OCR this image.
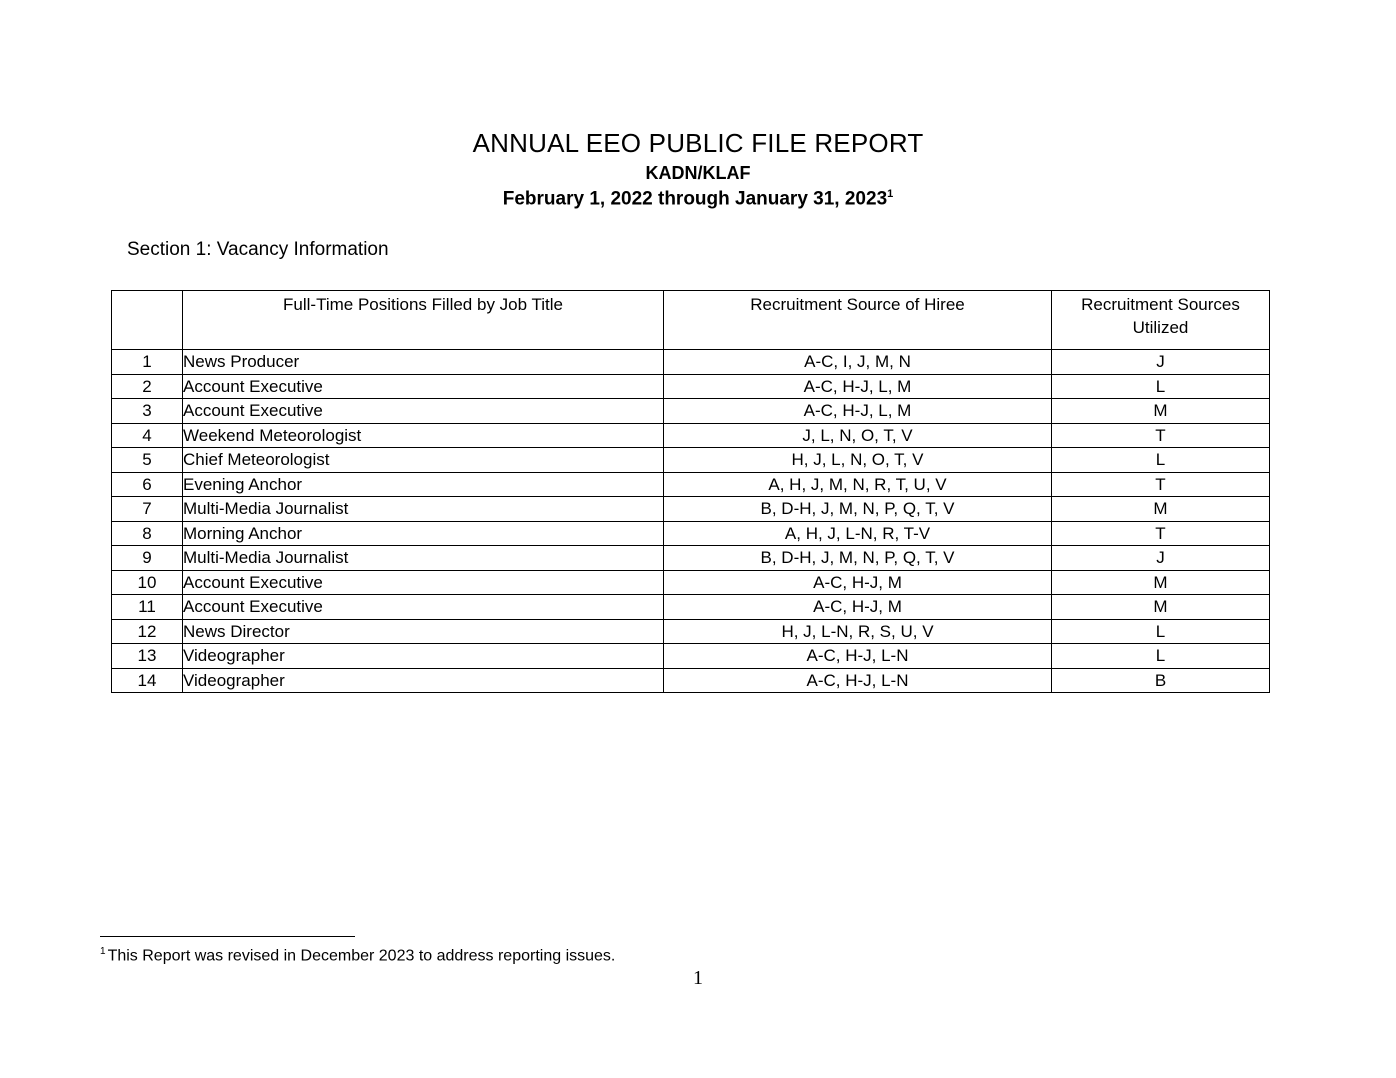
ANNUAL EEO PUBLIC FILE REPORT
KADN/KLAF
February 1, 2022 through January 31, 2023$^1$
Section 1: Vacancy Information
	Full-Time Positions Filled by Job Title	Recruitment Source of Hiree	Recruitment Sources Utilized
1	News Producer	A-C, I, J, M, N	J
2	Account Executive	A-C, H-J, L, M	L
3	Account Executive	A-C, H-J, L, M	M
4	Weekend Meteorologist	J, L, N, O, T, V	T
5	Chief Meteorologist	H, J, L, N, O, T, V	L
6	Evening Anchor	A, H, J, M, N, R, T, U, V	T
7	Multi-Media Journalist	B, D-H, J, M, N, P, Q, T, V	M
8	Morning Anchor	A, H, J, L-N, R, T-V	T
9	Multi-Media Journalist	B, D-H, J, M, N, P, Q, T, V	J
10	Account Executive	A-C, H-J, M	M
11	Account Executive	A-C, H-J, M	M
12	News Director	H, J, L-N, R, S, U, V	L
13	Videographer	A-C, H-J, L-N	L
14	Videographer	A-C, H-J, L-N	B
$^1$ This Report was revised in December 2023 to address reporting issues.
1
